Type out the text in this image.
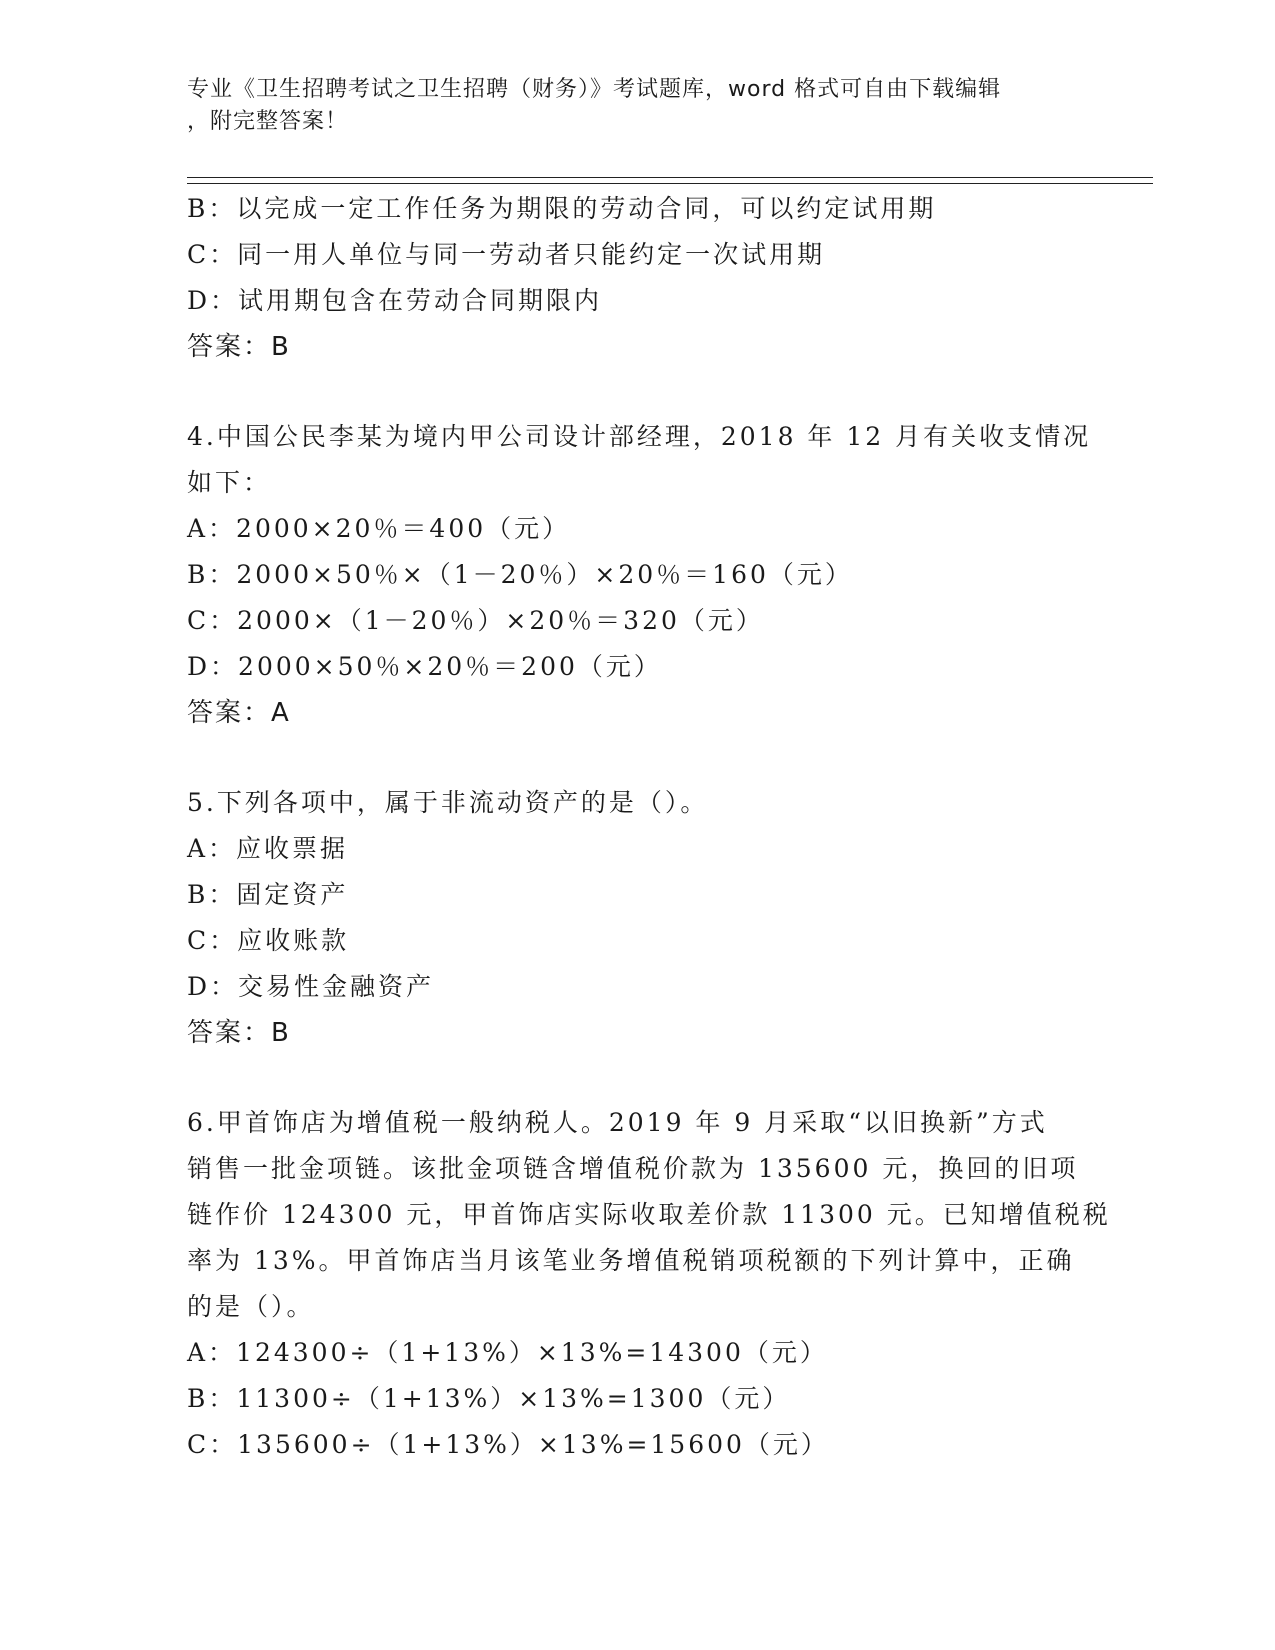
专业《卫生招聘考试之卫生招聘（财务）》考试题库，word 格式可自由下载编辑
，附完整答案！
B：以完成一定工作任务为期限的劳动合同，可以约定试用期
C：同一用人单位与同一劳动者只能约定一次试用期
D：试用期包含在劳动合同期限内
答案：B
4.中国公民李某为境内甲公司设计部经理，2018 年 12 月有关收支情况
如下：
A：2000×20％＝400（元）
B：2000×50％×（1－20％）×20％＝160（元）
C：2000×（1－20％）×20％＝320（元）
D：2000×50％×20％＝200（元）
答案：A
5.下列各项中，属于非流动资产的是（）。
A：应收票据
B：固定资产
C：应收账款
D：交易性金融资产
答案：B
6.甲首饰店为增值税一般纳税人。2019 年 9 月采取“以旧换新”方式
销售一批金项链。该批金项链含增值税价款为 135600 元，换回的旧项
链作价 124300 元，甲首饰店实际收取差价款 11300 元。已知增值税税
率为 13%。甲首饰店当月该笔业务增值税销项税额的下列计算中，正确
的是（）。
A：124300÷（1+13%）×13%=14300（元）
B：11300÷（1+13%）×13%=1300（元）
C：135600÷（1+13%）×13%=15600（元）
